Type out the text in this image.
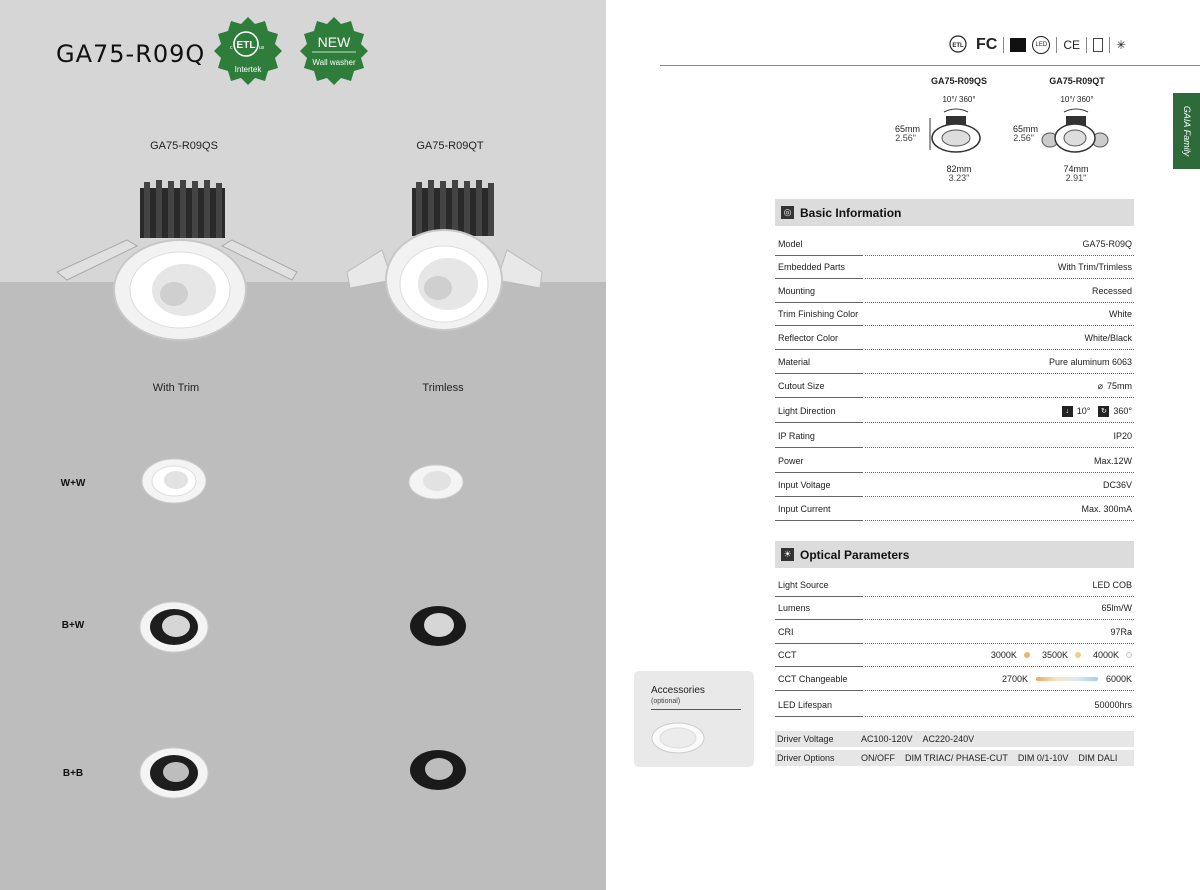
GA75-R09Q	ETL
c	us
Intertek
NEW
Wall washer
GA75-R09QS	GA75-R09QT
With Trim	Trimless
W+W
B+W
B+B
Accessories
(optional)
ETL FC	LED CE	✳
GA75-R09QS
10°/ 360°
65mm
2.56"
82mm
3.23"
GA75-R09QT
10°/ 360°
65mm
2.56"
74mm
2.91"
GAIA Family
◎ Basic Information
Model	GA75-R09Q
Embedded Parts	With Trim/Trimless
Mounting	Recessed
Trim Finishing Color	White
Reflector Color	White/Black
Material	Pure aluminum 6063
Cutout Size	⌀ 75mm
Light Direction	↓ 10°	↻ 360°
IP Rating	IP20
Power	Max.12W
Input Voltage	DC36V
Input Current	Max. 300mA
☀ Optical Parameters
Light Source	LED COB
Lumens	65lm/W
CRI	97Ra
CCT	3000K	3500K	4000K
CCT Changeable	2700K	6000K
LED Lifespan	50000hrs
Driver Voltage	AC100-120V AC220-240V
Driver Options	ON/OFF DIM TRIAC/ PHASE-CUT DIM 0/1-10V DIM DALI
